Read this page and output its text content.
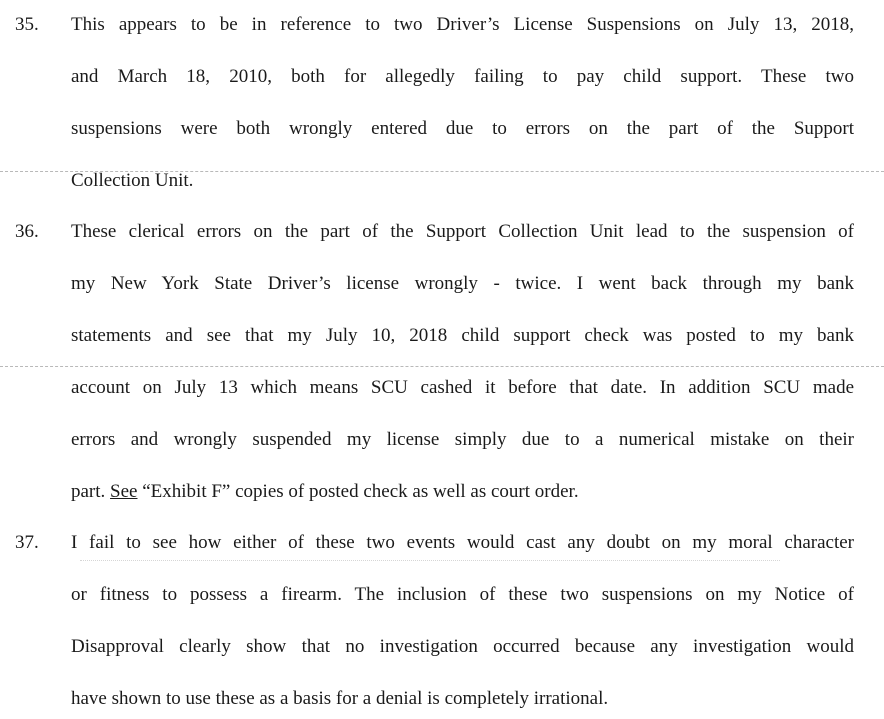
35. This appears to be in reference to two Driver’s License Suspensions on July 13, 2018,
and March 18, 2010, both for allegedly failing to pay child support. These two
suspensions were both wrongly entered due to errors on the part of the Support
Collection Unit.
36. These clerical errors on the part of the Support Collection Unit lead to the suspension of
my New York State Driver’s license wrongly - twice. I went back through my bank
statements and see that my July 10, 2018 child support check was posted to my bank
account on July 13 which means SCU cashed it before that date. In addition SCU made
errors and wrongly suspended my license simply due to a numerical mistake on their
part. See “Exhibit F” copies of posted check as well as court order.
37. I fail to see how either of these two events would cast any doubt on my moral character
or fitness to possess a firearm. The inclusion of these two suspensions on my Notice of
Disapproval clearly show that no investigation occurred because any investigation would
have shown to use these as a basis for a denial is completely irrational.
